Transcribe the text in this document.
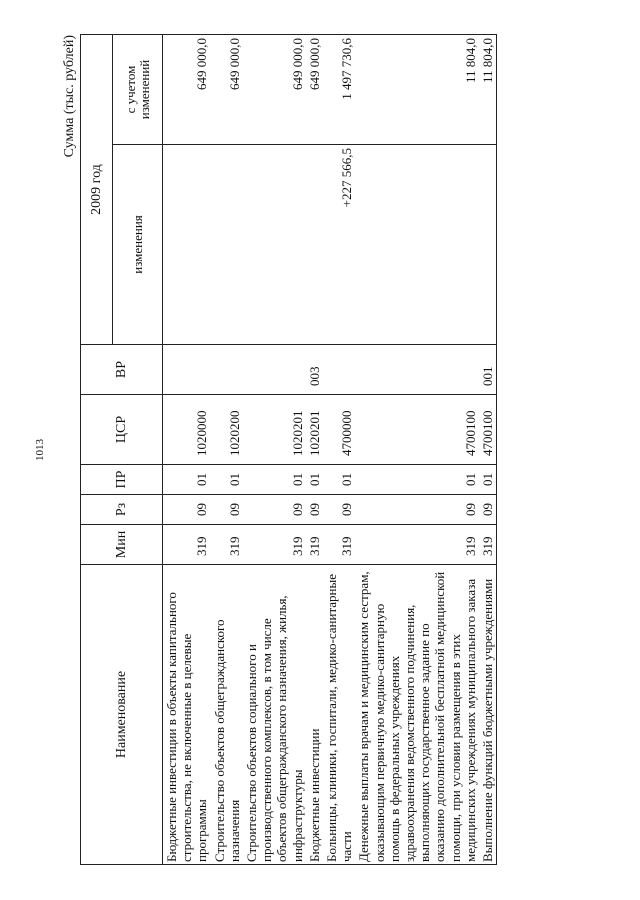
1013
Сумма (тыс. рублей)
Наименование	Мин	Рз	ПР	ЦСР	ВР	2009 год	
						изменения	с учетом изменений
Бюджетные инвестиции в объекты капитального строительства, не включенные в целевые программы	319	09	01	1020000			649 000,0
Строительство объектов общегражданского назначения	319	09	01	1020200			649 000,0
Строительство объектов социального и производственного комплексов, в том числе объектов общегражданского назначения, жилья, инфраструктуры	319	09	01	1020201			649 000,0
Бюджетные инвестиции	319	09	01	1020201	003		649 000,0
Больницы, клиники, госпитали, медико-санитарные части	319	09	01	4700000		+227 566,5	1 497 730,6
Денежные выплаты врачам и медицинским сестрам, оказывающим первичную медико-санитарную помощь в федеральных учреждениях здравоохранения ведомственного подчинения, выполняющих государственное задание по оказанию дополнительной бесплатной медицинской помощи, при условии размещения в этих медицинских учреждениях муниципального заказа	319	09	01	4700100			11 804,0
Выполнение функций бюджетными учреждениями	319	09	01	4700100	001		11 804,0
